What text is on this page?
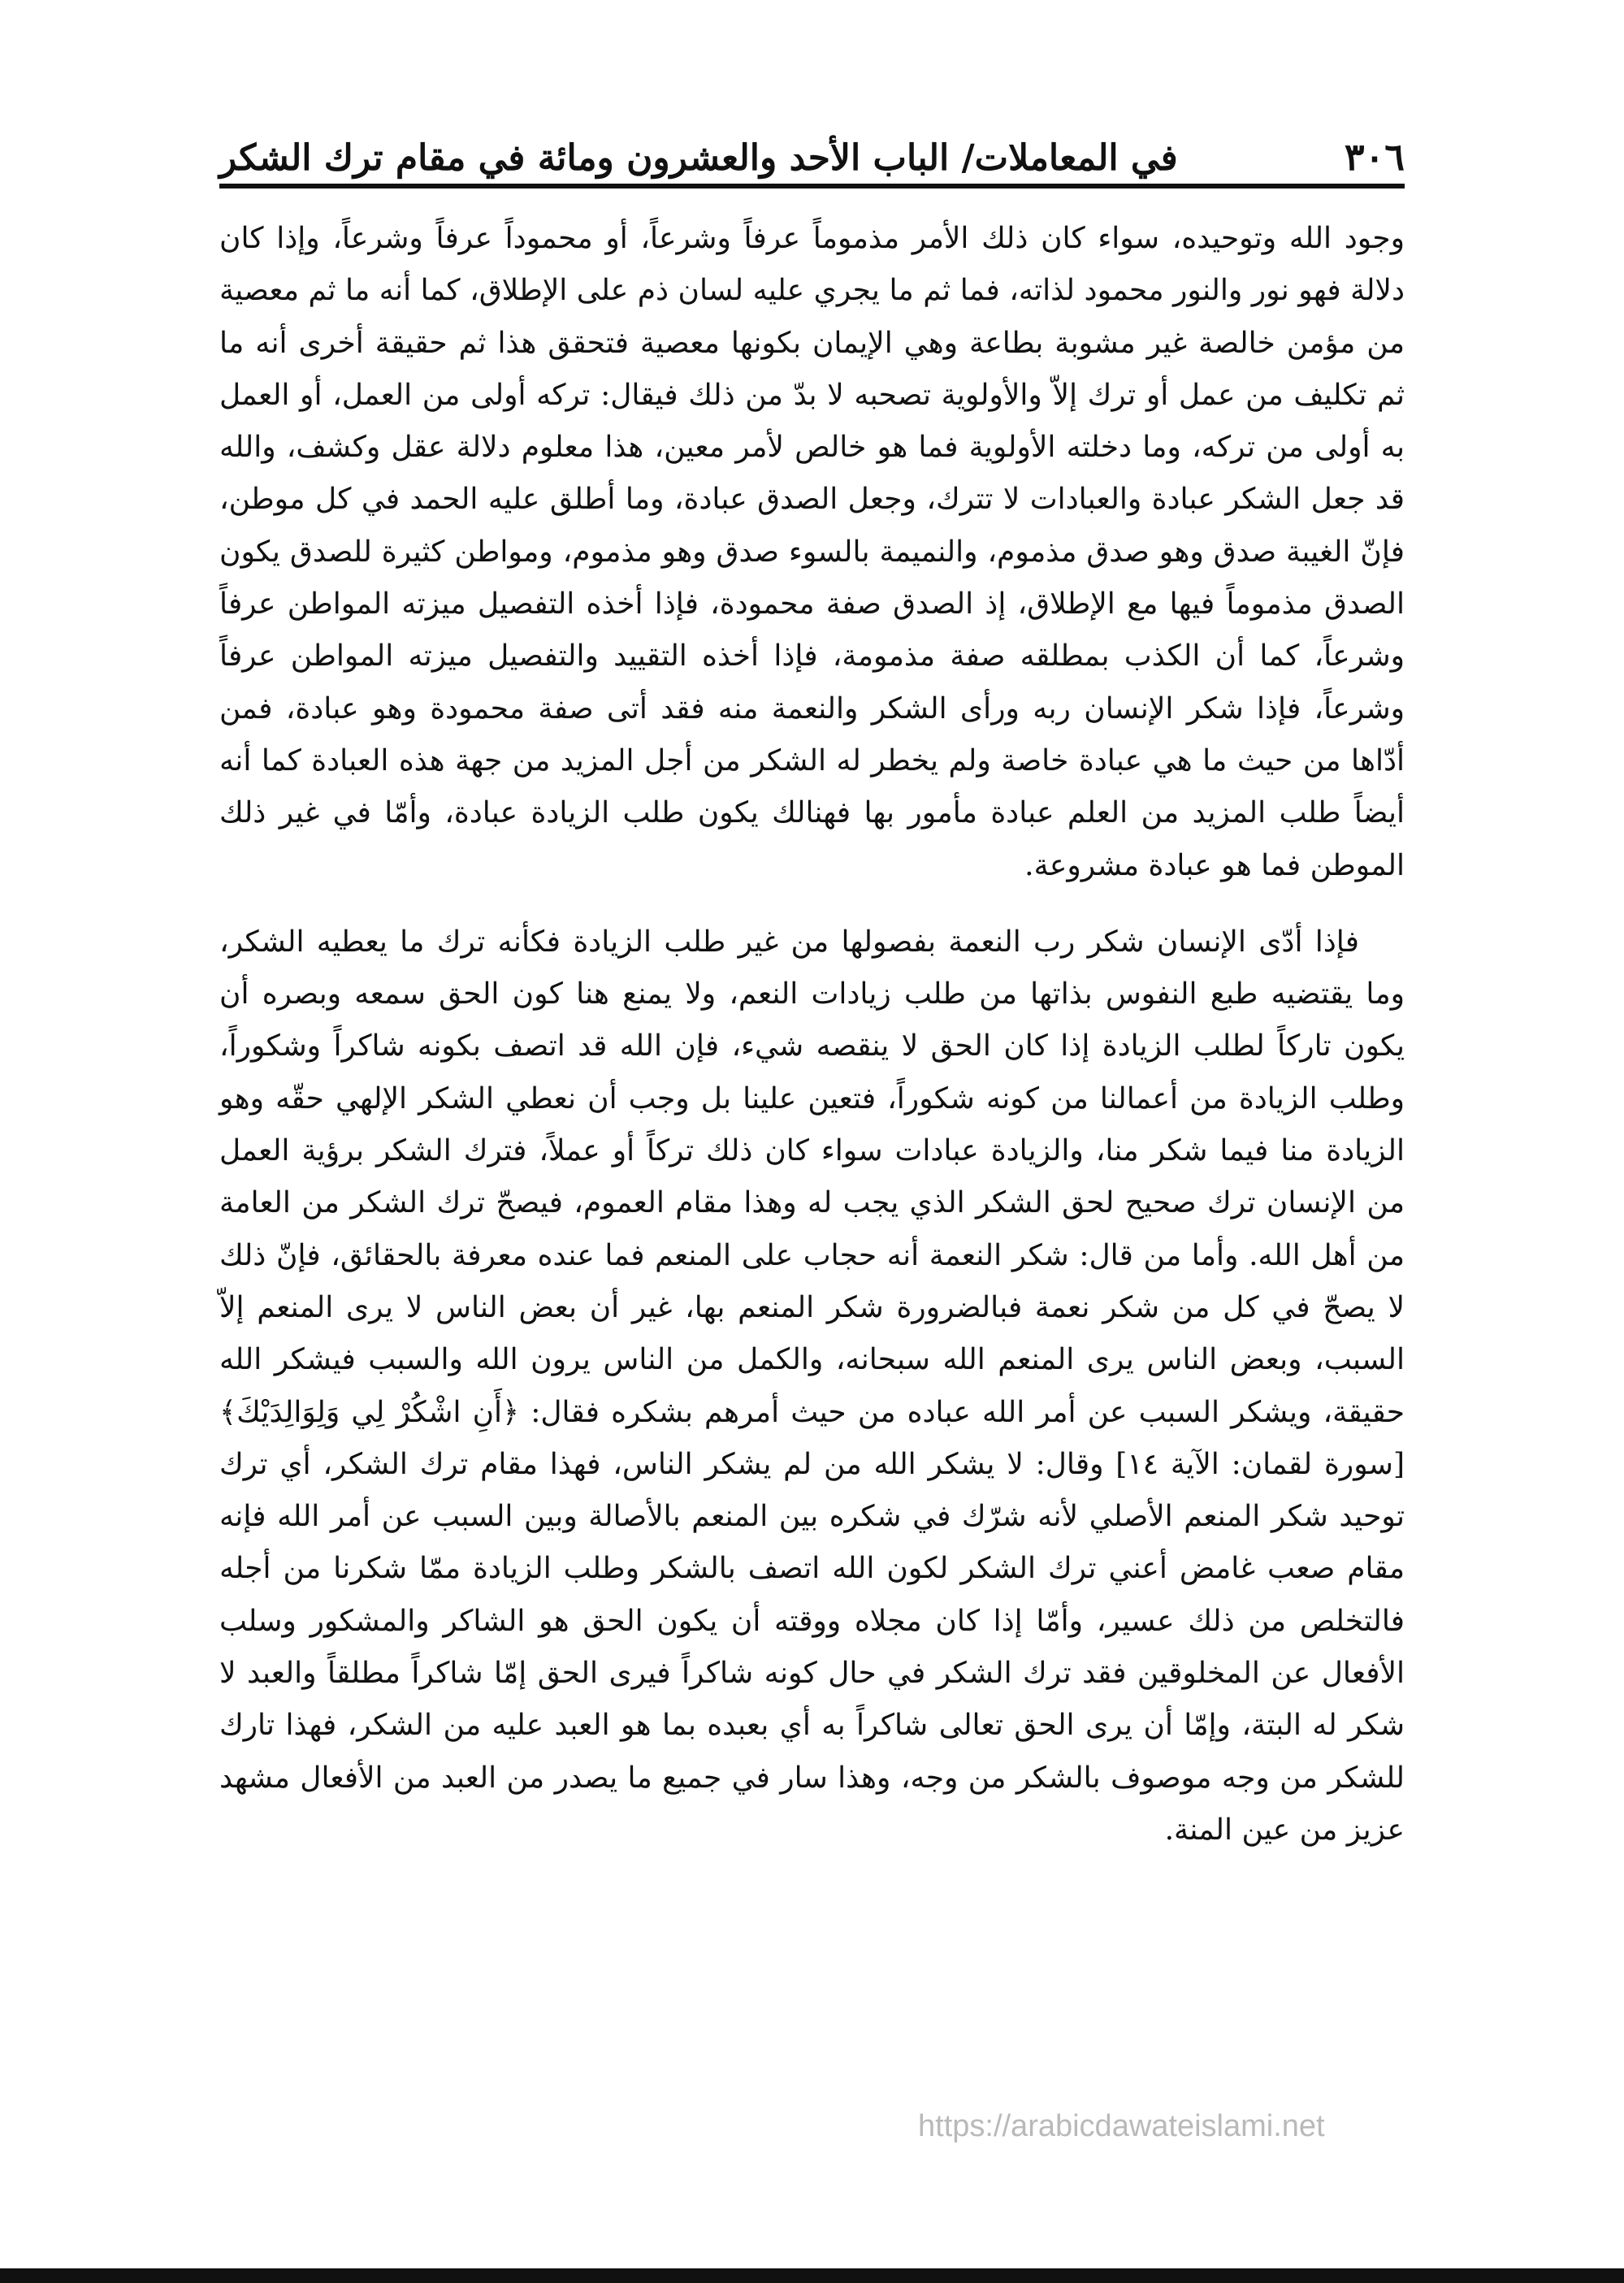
٣٠٦
في المعاملات/ الباب الأحد والعشرون ومائة في مقام ترك الشكر

وجود الله وتوحيده، سواء كان ذلك الأمر مذموماً عرفاً وشرعاً، أو محموداً عرفاً وشرعاً، وإذا كان دلالة فهو نور والنور محمود لذاته، فما ثم ما يجري عليه لسان ذم على الإطلاق، كما أنه ما ثم معصية من مؤمن خالصة غير مشوبة بطاعة وهي الإيمان بكونها معصية فتحقق هذا ثم حقيقة أخرى أنه ما ثم تكليف من عمل أو ترك إلاّ والأولوية تصحبه لا بدّ من ذلك فيقال: تركه أولى من العمل، أو العمل به أولى من تركه، وما دخلته الأولوية فما هو خالص لأمر معين، هذا معلوم دلالة عقل وكشف، والله قد جعل الشكر عبادة والعبادات لا تترك، وجعل الصدق عبادة، وما أطلق عليه الحمد في كل موطن، فإنّ الغيبة صدق وهو صدق مذموم، والنميمة بالسوء صدق وهو مذموم، ومواطن كثيرة للصدق يكون الصدق مذموماً فيها مع الإطلاق، إذ الصدق صفة محمودة، فإذا أخذه التفصيل ميزته المواطن عرفاً وشرعاً، كما أن الكذب بمطلقه صفة مذمومة، فإذا أخذه التقييد والتفصيل ميزته المواطن عرفاً وشرعاً، فإذا شكر الإنسان ربه ورأى الشكر والنعمة منه فقد أتى صفة محمودة وهو عبادة، فمن أدّاها من حيث ما هي عبادة خاصة ولم يخطر له الشكر من أجل المزيد من جهة هذه العبادة كما أنه أيضاً طلب المزيد من العلم عبادة مأمور بها فهنالك يكون طلب الزيادة عبادة، وأمّا في غير ذلك الموطن فما هو عبادة مشروعة.

فإذا أدّى الإنسان شكر رب النعمة بفصولها من غير طلب الزيادة فكأنه ترك ما يعطيه الشكر، وما يقتضيه طبع النفوس بذاتها من طلب زيادات النعم، ولا يمنع هنا كون الحق سمعه وبصره أن يكون تاركاً لطلب الزيادة إذا كان الحق لا ينقصه شيء، فإن الله قد اتصف بكونه شاكراً وشكوراً، وطلب الزيادة من أعمالنا من كونه شكوراً، فتعين علينا بل وجب أن نعطي الشكر الإلهي حقّه وهو الزيادة منا فيما شكر منا، والزيادة عبادات سواء كان ذلك تركاً أو عملاً، فترك الشكر برؤية العمل من الإنسان ترك صحيح لحق الشكر الذي يجب له وهذا مقام العموم، فيصحّ ترك الشكر من العامة من أهل الله. وأما من قال: شكر النعمة أنه حجاب على المنعم فما عنده معرفة بالحقائق، فإنّ ذلك لا يصحّ في كل من شكر نعمة فبالضرورة شكر المنعم بها، غير أن بعض الناس لا يرى المنعم إلاّ السبب، وبعض الناس يرى المنعم الله سبحانه، والكمل من الناس يرون الله والسبب فيشكر الله حقيقة، ويشكر السبب عن أمر الله عباده من حيث أمرهم بشكره فقال: ﴿أَنِ اشْكُرْ لِي وَلِوَالِدَيْكَ﴾ [سورة لقمان: الآية ١٤] وقال: لا يشكر الله من لم يشكر الناس، فهذا مقام ترك الشكر، أي ترك توحيد شكر المنعم الأصلي لأنه شرّك في شكره بين المنعم بالأصالة وبين السبب عن أمر الله فإنه مقام صعب غامض أعني ترك الشكر لكون الله اتصف بالشكر وطلب الزيادة ممّا شكرنا من أجله فالتخلص من ذلك عسير، وأمّا إذا كان مجلاه ووقته أن يكون الحق هو الشاكر والمشكور وسلب الأفعال عن المخلوقين فقد ترك الشكر في حال كونه شاكراً فيرى الحق إمّا شاكراً مطلقاً والعبد لا شكر له البتة، وإمّا أن يرى الحق تعالى شاكراً به أي بعبده بما هو العبد عليه من الشكر، فهذا تارك للشكر من وجه موصوف بالشكر من وجه، وهذا سار في جميع ما يصدر من العبد من الأفعال مشهد عزيز من عين المنة.

https://arabicdawateislami.net
